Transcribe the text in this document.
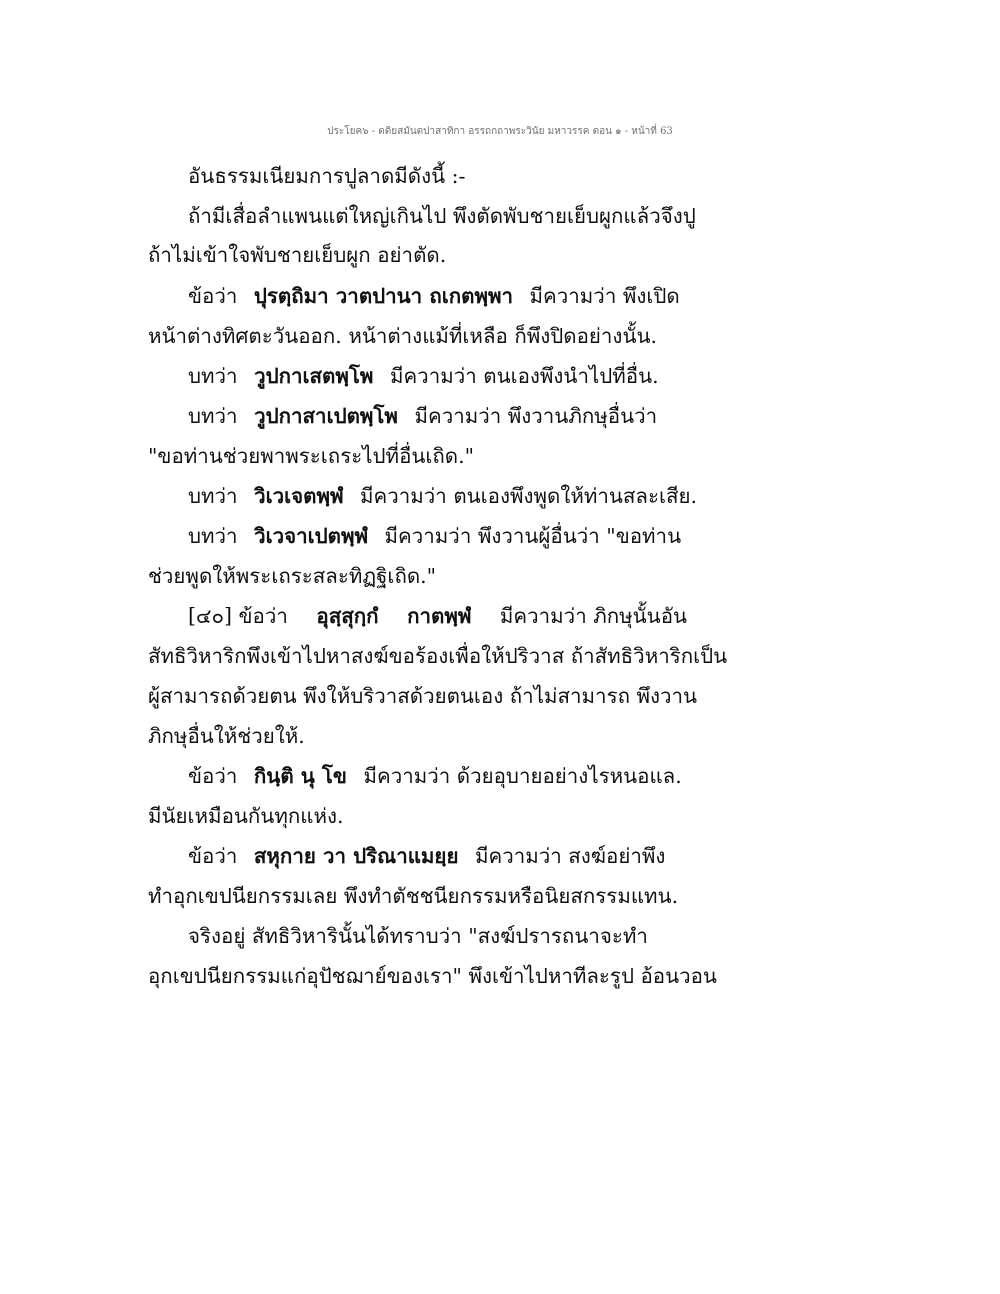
ประโยค๖ - ตติยสมันตปาสาทิกา อรรถกถาพระวินัย มหาวรรค ตอน ๑ - หน้าที่ 63
อันธรรมเนียมการปูลาดมีดังนี้ :-
ถ้ามีเสื่อลำแพนแต่ใหญ่เกินไป พึงตัดพับชายเย็บผูกแล้วจึงปู
ถ้าไม่เข้าใจพับชายเย็บผูก อย่าตัด.
ข้อว่า ปุรตฺถิมา วาตปานา ถเกตพฺพา มีความว่า พึงเปิด
หน้าต่างทิศตะวันออก. หน้าต่างแม้ที่เหลือ ก็พึงปิดอย่างนั้น.
บทว่า วูปกาเสตพฺโพ มีความว่า ตนเองพึงนำไปที่อื่น.
บทว่า วูปกาสาเปตพฺโพ มีความว่า พึงวานภิกษุอื่นว่า
"ขอท่านช่วยพาพระเถระไปที่อื่นเถิด."
บทว่า วิเวเจตพฺพํ มีความว่า ตนเองพึงพูดให้ท่านสละเสีย.
บทว่า วิเวจาเปตพฺพํ มีความว่า พึงวานผู้อื่นว่า "ขอท่าน
ช่วยพูดให้พระเถระสละทิฏฐิเถิด."
[๔๐] ข้อว่า อุสฺสุกฺกํ กาตพฺพํ มีความว่า ภิกษุนั้นอัน
สัทธิวิหาริกพึงเข้าไปหาสงฆ์ขอร้องเพื่อให้ปริวาส ถ้าสัทธิวิหาริกเป็น
ผู้สามารถด้วยตน พึงให้บริวาสด้วยตนเอง ถ้าไม่สามารถ พึงวาน
ภิกษุอื่นให้ช่วยให้.
ข้อว่า กินฺติ นุ โข มีความว่า ด้วยอุบายอย่างไรหนอแล.
มีนัยเหมือนกันทุกแห่ง.
ข้อว่า สหุกาย วา ปริณาแมยฺย มีความว่า สงฆ์อย่าพึง
ทำอุกเขปนียกรรมเลย พึงทำตัชชนียกรรมหรือนิยสกรรมแทน.
จริงอยู่ สัทธิวิหารินั้นได้ทราบว่า "สงฆ์ปรารถนาจะทำ
อุกเขปนียกรรมแก่อุปัชฌาย์ของเรา" พึงเข้าไปหาทีละรูป อ้อนวอน
